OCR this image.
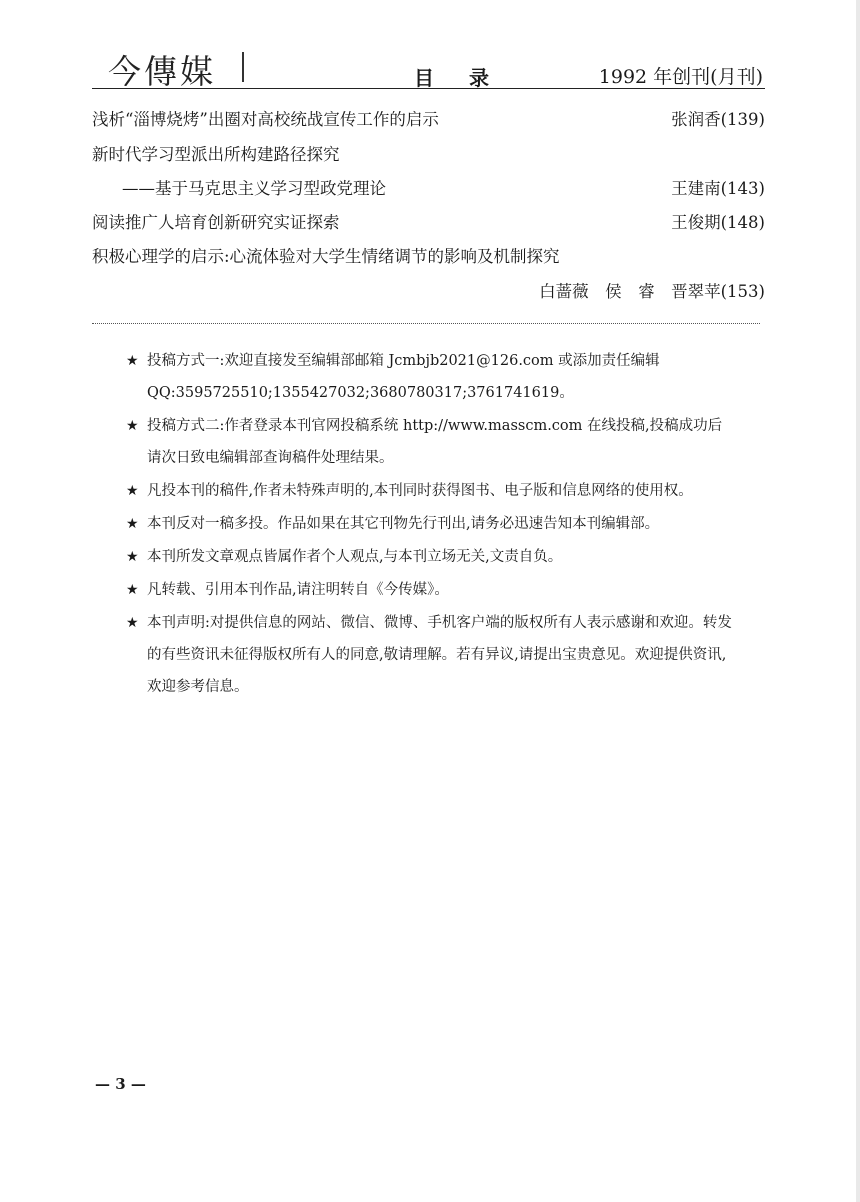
今傳媒	目 录	1992 年创刊(月刊)
浅析“淄博烧烤”出圈对高校统战宣传工作的启示	张润香(139)
新时代学习型派出所构建路径探究
——基于马克思主义学习型政党理论	王建南(143)
阅读推广人培育创新研究实证探索	王俊期(148)
积极心理学的启示:心流体验对大学生情绪调节的影响及机制探究
白蔷薇　侯　睿　晋翠苹(153)
★ 投稿方式一:欢迎直接发至编辑部邮箱 Jcmbjb2021@126.com 或添加责任编辑 QQ:3595725510;1355427032;3680780317;3761741619。
★ 投稿方式二:作者登录本刊官网投稿系统 http://www.masscm.com 在线投稿,投稿成功后请次日致电编辑部查询稿件处理结果。
★ 凡投本刊的稿件,作者未特殊声明的,本刊同时获得图书、电子版和信息网络的使用权。
★ 本刊反对一稿多投。作品如果在其它刊物先行刊出,请务必迅速告知本刊编辑部。
★ 本刊所发文章观点皆属作者个人观点,与本刊立场无关,文责自负。
★ 凡转载、引用本刊作品,请注明转自《今传媒》。
★ 本刊声明:对提供信息的网站、微信、微博、手机客户端的版权所有人表示感谢和欢迎。转发的有些资讯未征得版权所有人的同意,敬请理解。若有异议,请提出宝贵意见。欢迎提供资讯,欢迎参考信息。
— 3 —
